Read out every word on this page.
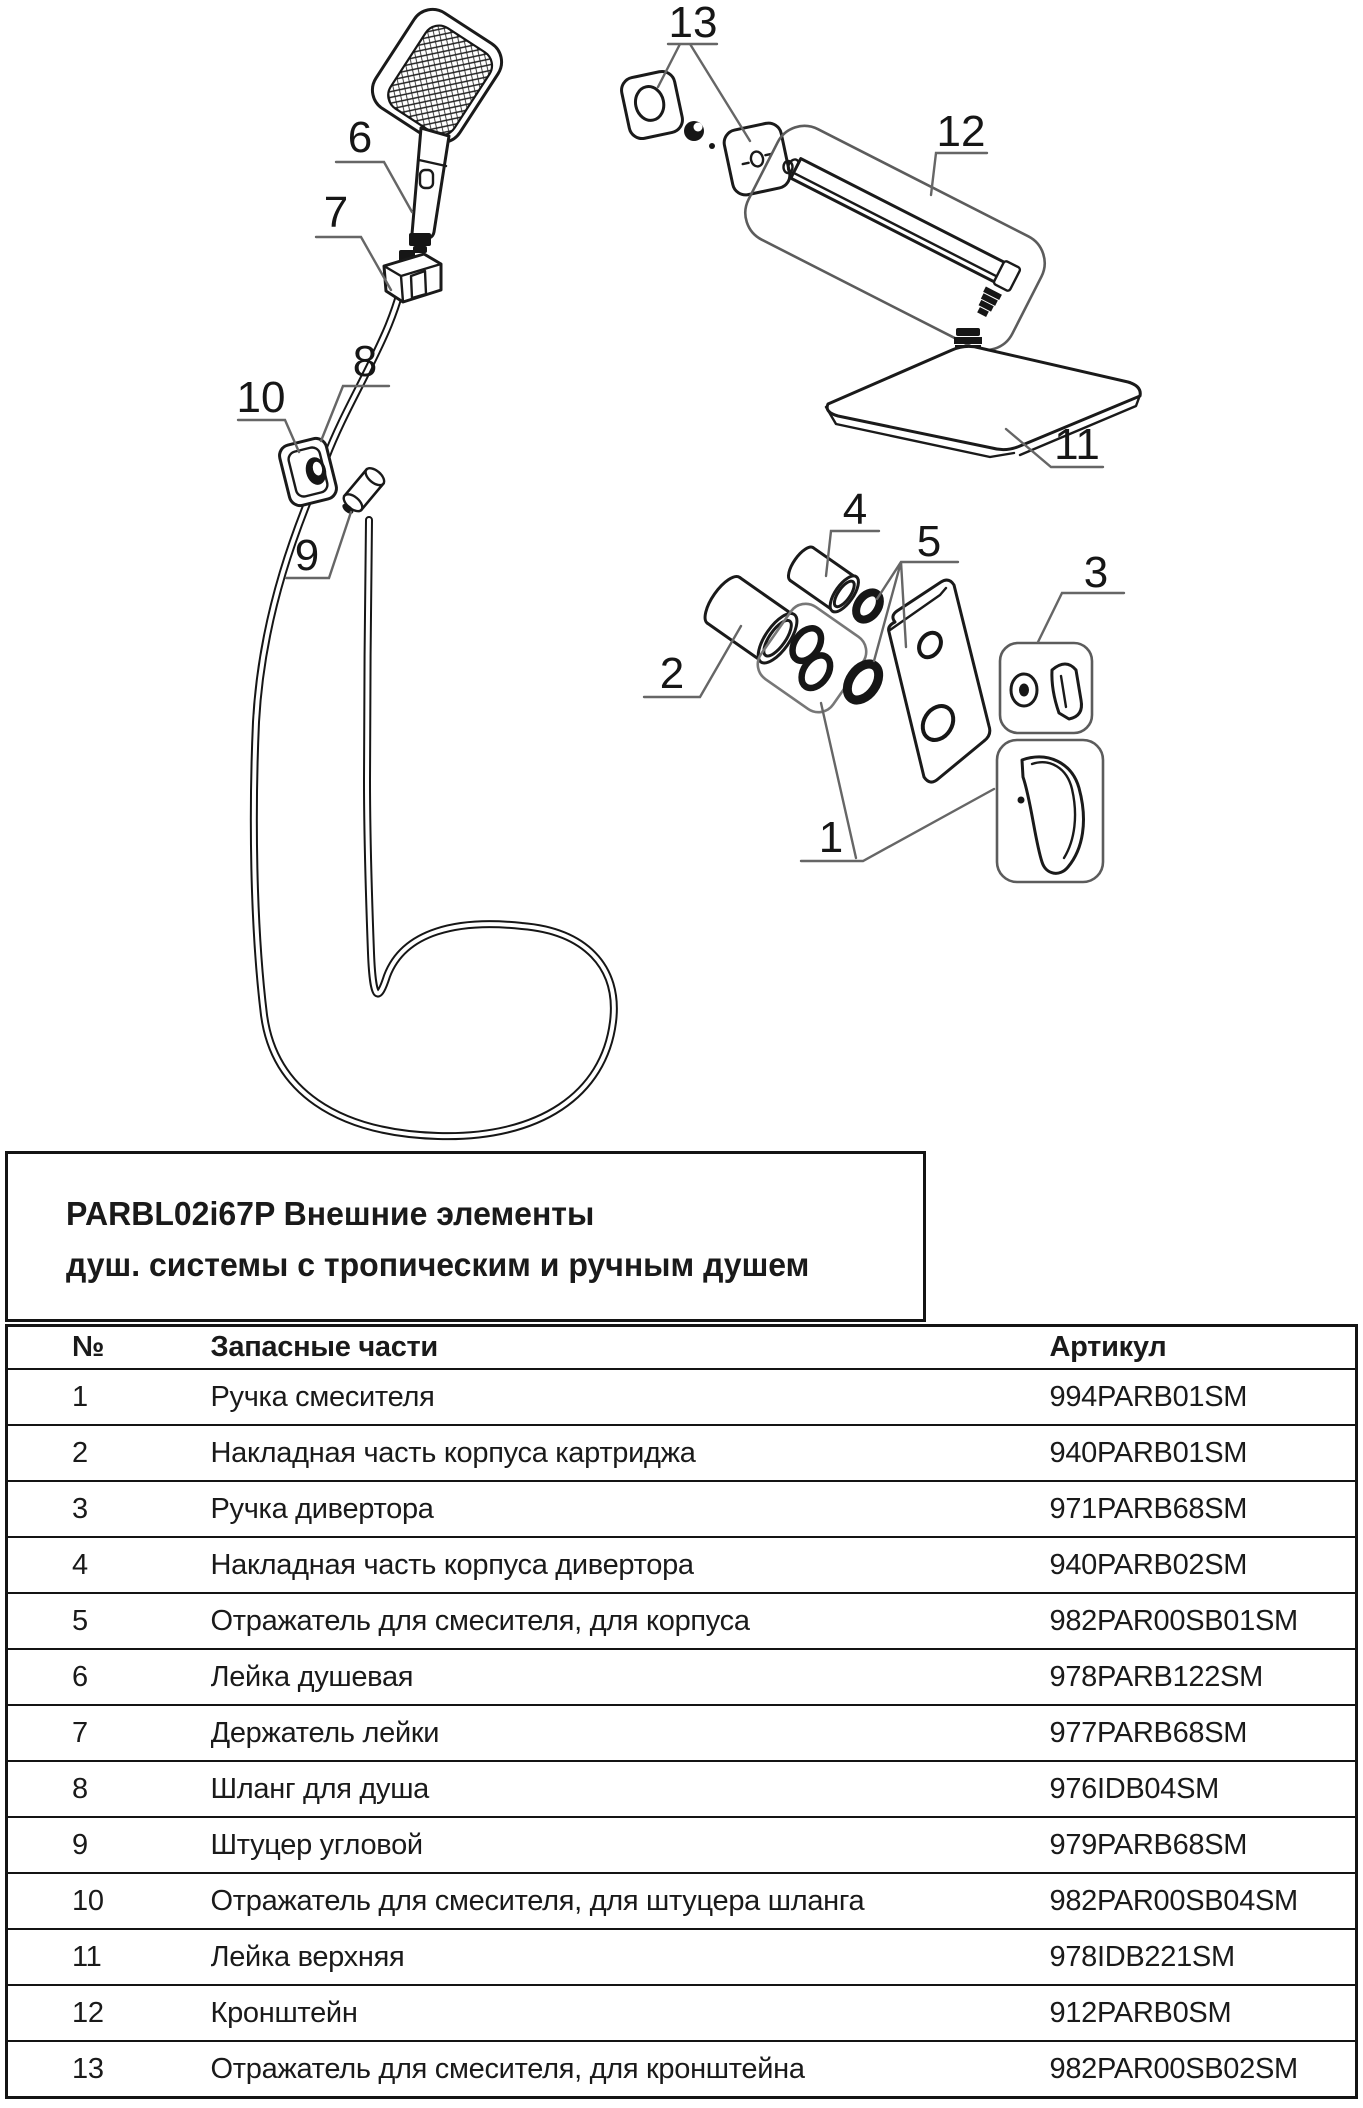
1
2
3
4
5
6
7
8
9
10
11
12
13
PARBL02i67P Внешние элементы
душ. системы с тропическим и ручным душем
№	Запасные части	Артикул
1	Ручка смесителя	994PARB01SM
2	Накладная часть корпуса картриджа	940PARB01SM
3	Ручка дивертора	971PARB68SM
4	Накладная часть корпуса дивертора	940PARB02SM
5	Отражатель для смесителя, для корпуса	982PAR00SB01SM
6	Лейка душевая	978PARB122SM
7	Держатель лейки	977PARB68SM
8	Шланг для душа	976IDB04SM
9	Штуцер угловой	979PARB68SM
10	Отражатель для смесителя, для штуцера шланга	982PAR00SB04SM
11	Лейка верхняя	978IDB221SM
12	Кронштейн	912PARB0SM
13	Отражатель для смесителя, для кронштейна	982PAR00SB02SM
